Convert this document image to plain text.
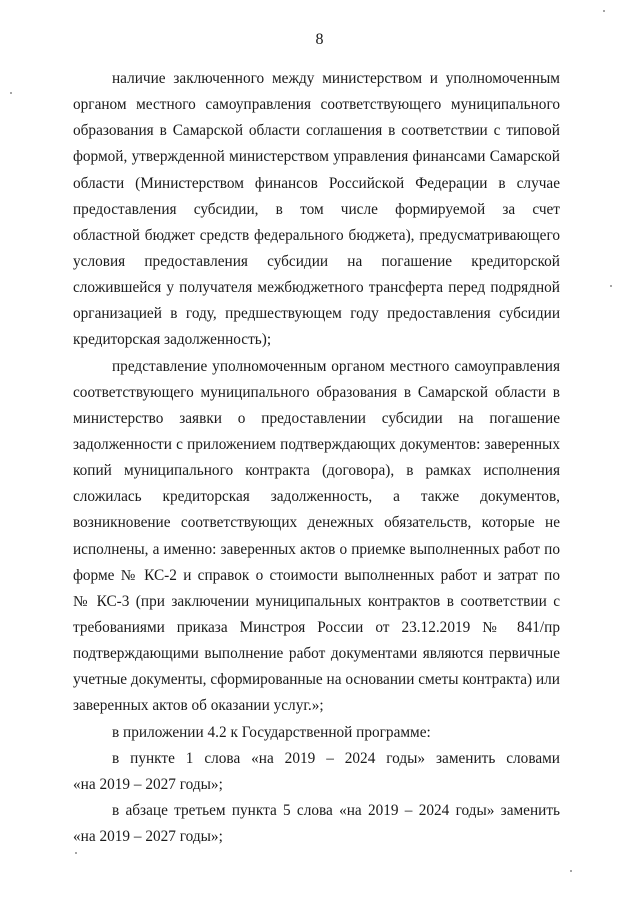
8
наличие заключенного между министерством и уполномоченным
органом местного самоуправления соответствующего муниципального
образования в Самарской области соглашения в соответствии с типовой
формой, утвержденной министерством управления финансами Самарской
области (Министерством финансов Российской Федерации в случае
предоставления субсидии, в том числе формируемой за счет
областной бюджет средств федерального бюджета), предусматривающего
условия предоставления субсидии на погашение кредиторской
сложившейся у получателя межбюджетного трансферта перед подрядной
организацией в году, предшествующем году предоставления субсидии
кредиторская задолженность);
представление уполномоченным органом местного самоуправления
соответствующего муниципального образования в Самарской области в
министерство заявки о предоставлении субсидии на погашение
задолженности с приложением подтверждающих документов: заверенных
копий муниципального контракта (договора), в рамках исполнения
сложилась кредиторская задолженность, а также документов,
возникновение соответствующих денежных обязательств, которые не
исполнены, а именно: заверенных актов о приемке выполненных работ по
форме № КС-2 и справок о стоимости выполненных работ и затрат по
№ КС-3 (при заключении муниципальных контрактов в соответствии с
требованиями приказа Минстроя России от 23.12.2019 № 841/пр
подтверждающими выполнение работ документами являются первичные
учетные документы, сформированные на основании сметы контракта) или
заверенных актов об оказании услуг.»;
в приложении 4.2 к Государственной программе:
в пункте 1 слова «на 2019 – 2024 годы» заменить словами
«на 2019 – 2027 годы»;
в абзаце третьем пункта 5 слова «на 2019 – 2024 годы» заменить
«на 2019 – 2027 годы»;
